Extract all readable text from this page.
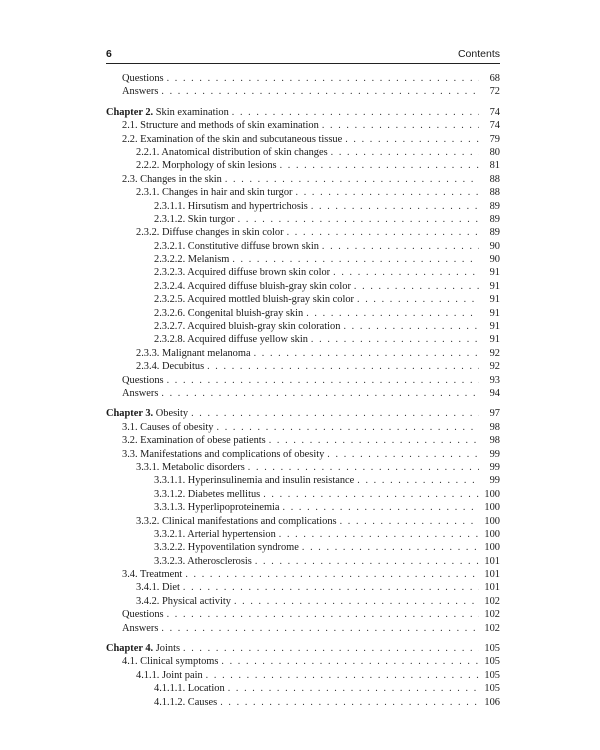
6	Contents
Questions . . .	68
Answers . . .	72
Chapter 2. Skin examination . . .	74
2.1. Structure and methods of skin examination . . .	74
2.2. Examination of the skin and subcutaneous tissue . . .	79
2.2.1. Anatomical distribution of skin changes . . .	80
2.2.2. Morphology of skin lesions . . .	81
2.3. Changes in the skin . . .	88
2.3.1. Changes in hair and skin turgor . . .	88
2.3.1.1. Hirsutism and hypertrichosis . . .	89
2.3.1.2. Skin turgor . . .	89
2.3.2. Diffuse changes in skin color . . .	89
2.3.2.1. Constitutive diffuse brown skin . . .	90
2.3.2.2. Melanism . . .	90
2.3.2.3. Acquired diffuse brown skin color . . .	91
2.3.2.4. Acquired diffuse bluish-gray skin color . . .	91
2.3.2.5. Acquired mottled bluish-gray skin color . . .	91
2.3.2.6. Congenital bluish-gray skin . . .	91
2.3.2.7. Acquired bluish-gray skin coloration . . .	91
2.3.2.8. Acquired diffuse yellow skin . . .	91
2.3.3. Malignant melanoma . . .	92
2.3.4. Decubitus . . .	92
Questions . . .	93
Answers . . .	94
Chapter 3. Obesity . . .	97
3.1. Causes of obesity . . .	98
3.2. Examination of obese patients . . .	98
3.3. Manifestations and complications of obesity . . .	99
3.3.1. Metabolic disorders . . .	99
3.3.1.1. Hyperinsulinemia and insulin resistance . . .	99
3.3.1.2. Diabetes mellitus . . .	100
3.3.1.3. Hyperlipoproteinemia . . .	100
3.3.2. Clinical manifestations and complications . . .	100
3.3.2.1. Arterial hypertension . . .	100
3.3.2.2. Hypoventilation syndrome . . .	100
3.3.2.3. Atherosclerosis . . .	101
3.4. Treatment . . .	101
3.4.1. Diet . . .	101
3.4.2. Physical activity . . .	102
Questions . . .	102
Answers . . .	102
Chapter 4. Joints . . .	105
4.1. Clinical symptoms . . .	105
4.1.1. Joint pain . . .	105
4.1.1.1. Location . . .	105
4.1.1.2. Causes . . .	106
